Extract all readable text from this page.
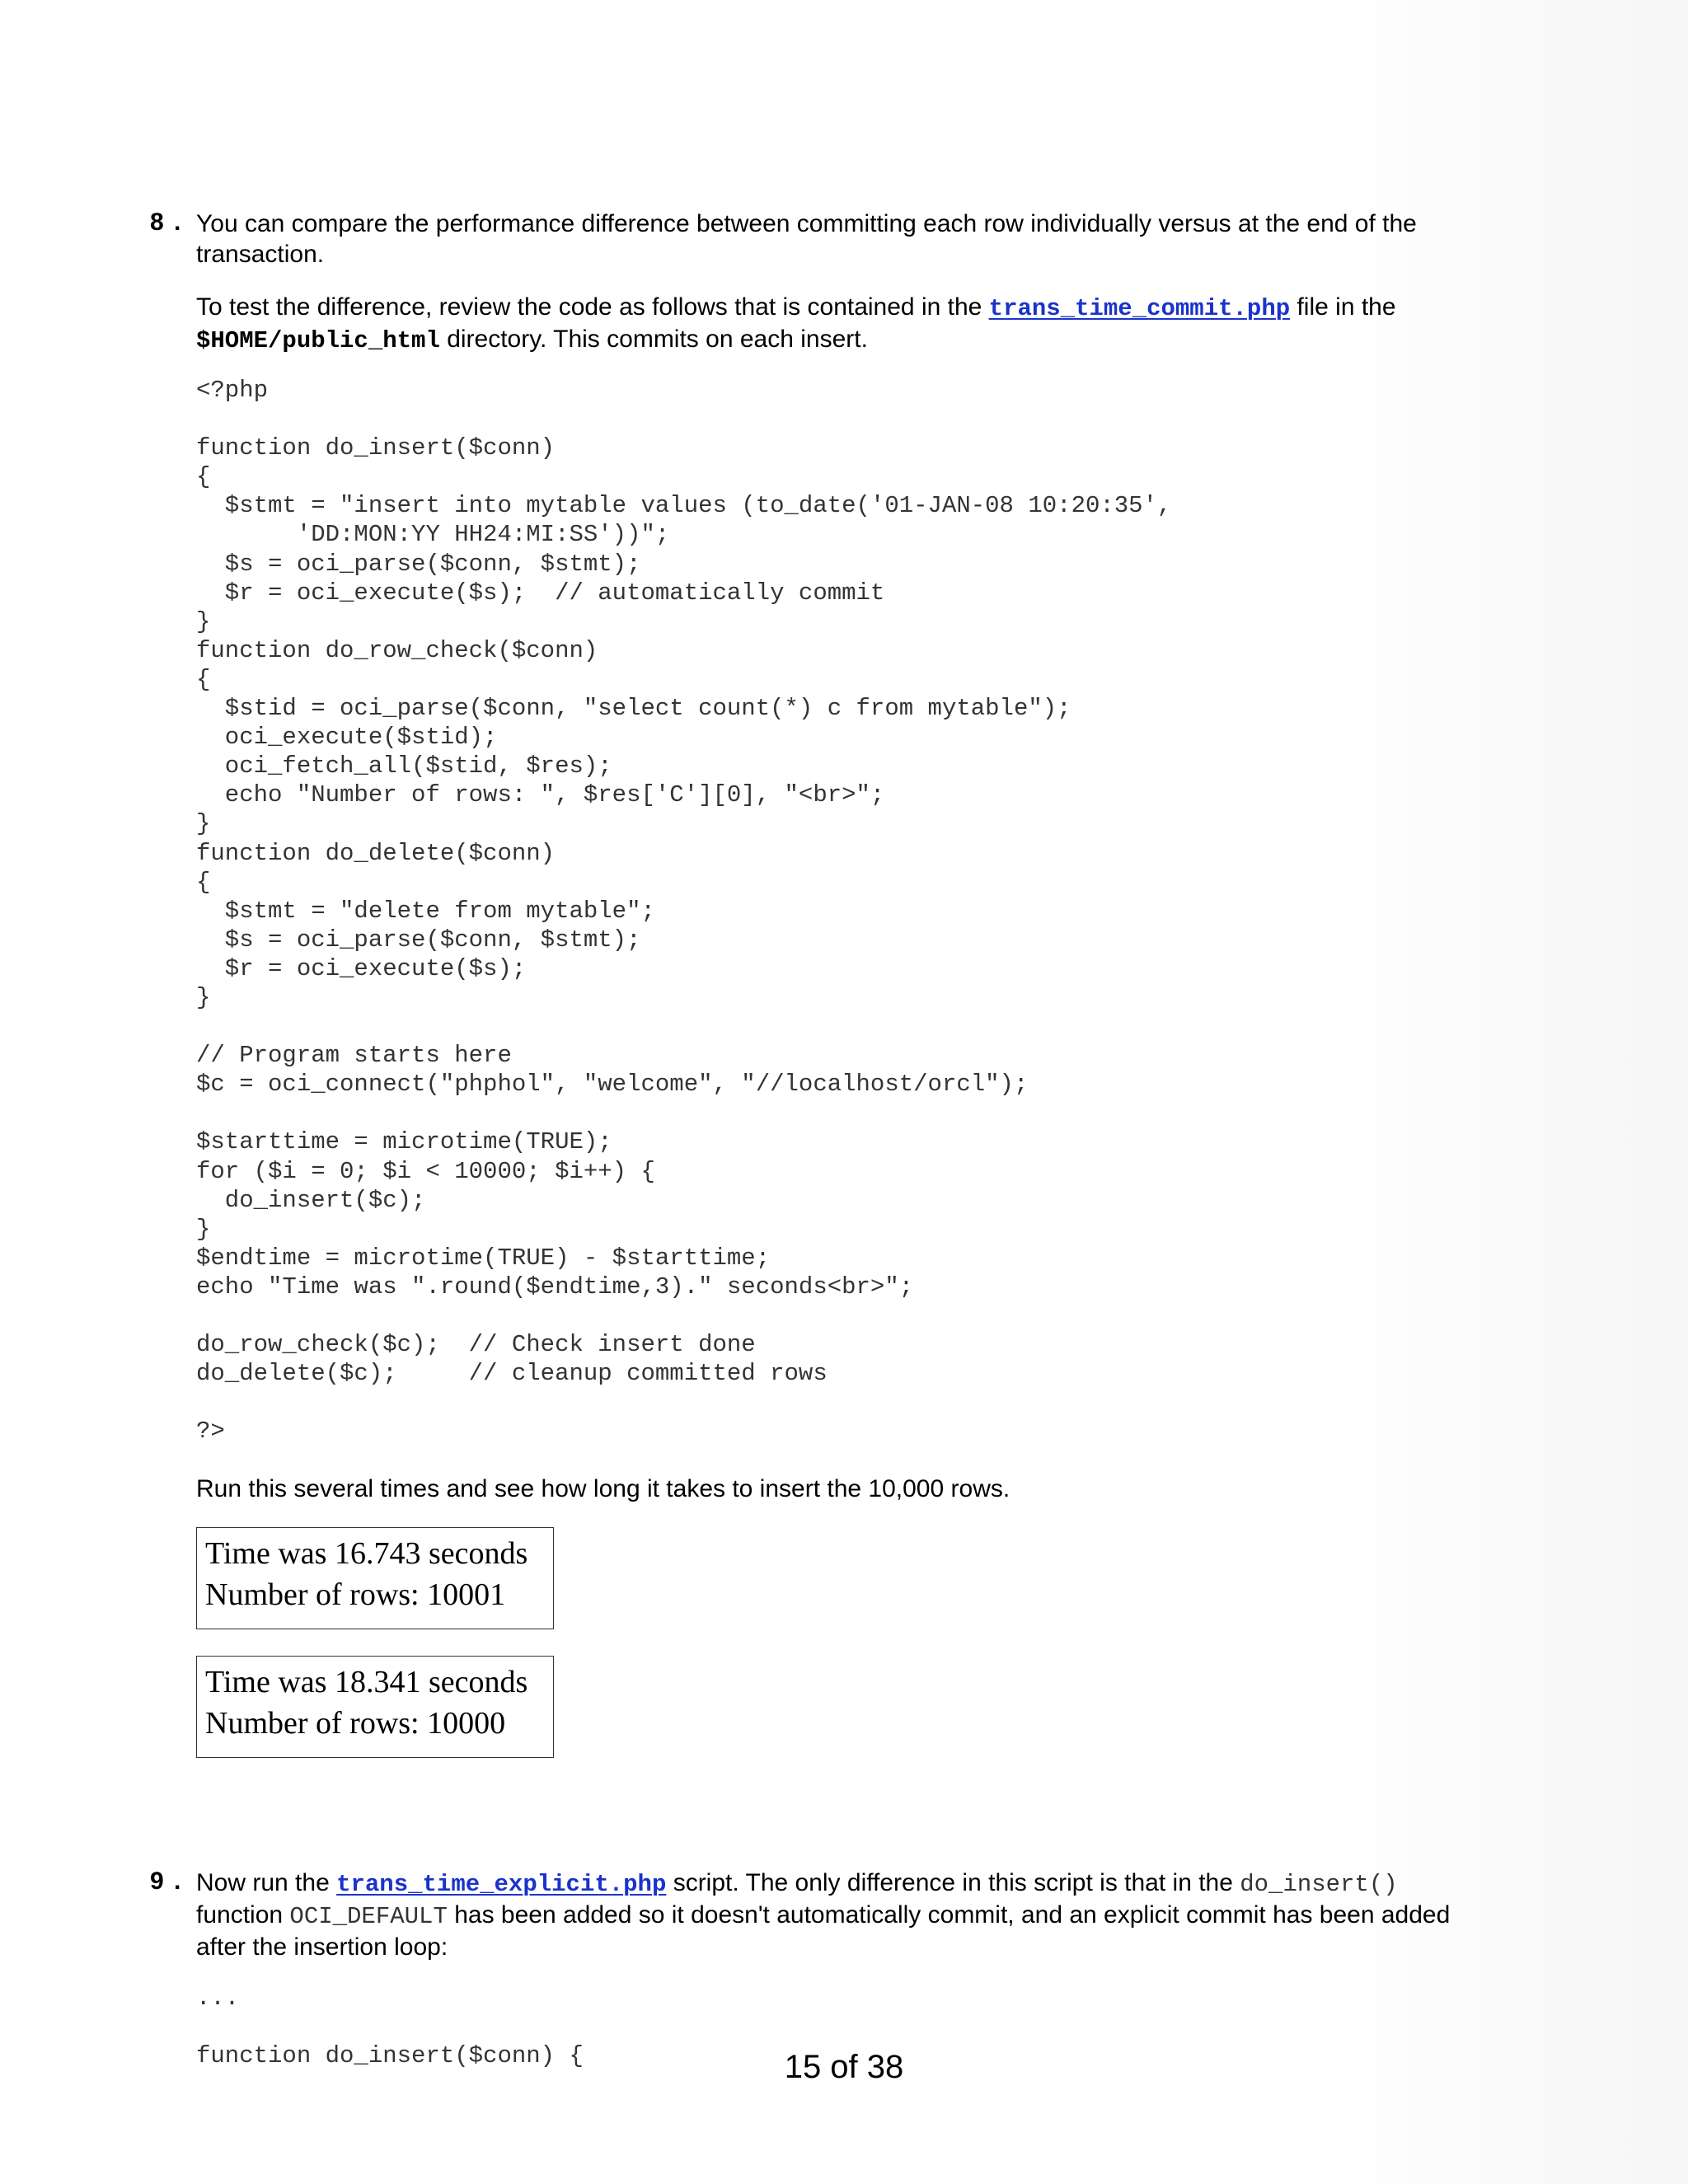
8 . You can compare the performance difference between committing each row individually versus at the end of the transaction.
To test the difference, review the code as follows that is contained in the trans_time_commit.php file in the $HOME/public_html directory. This commits on each insert.
<?php

function do_insert($conn)
{
$stmt = "insert into mytable values (to_date('01-JAN-08 10:20:35',
'DD:MON:YY HH24:MI:SS'))";
$s = oci_parse($conn, $stmt);
$r = oci_execute($s);  // automatically commit
}
function do_row_check($conn)
{
$stid = oci_parse($conn, "select count(*) c from mytable");
oci_execute($stid);
oci_fetch_all($stid, $res);
echo "Number of rows: ", $res['C'][0], "<br>";
}
function do_delete($conn)
{
$stmt = "delete from mytable";
$s = oci_parse($conn, $stmt);
$r = oci_execute($s);
}

// Program starts here
$c = oci_connect("phphol", "welcome", "//localhost/orcl");

$starttime = microtime(TRUE);
for ($i = 0; $i < 10000; $i++) {
do_insert($c);
}
$endtime = microtime(TRUE) - $starttime;
echo "Time was ".round($endtime,3)." seconds<br>";

do_row_check($c);  // Check insert done
do_delete($c);     // cleanup committed rows

?>
Run this several times and see how long it takes to insert the 10,000 rows.
Time was 16.743 seconds
Number of rows: 10001
Time was 18.341 seconds
Number of rows: 10000
9 . Now run the trans_time_explicit.php script. The only difference in this script is that in the do_insert() function OCI_DEFAULT has been added so it doesn't automatically commit, and an explicit commit has been added after the insertion loop:
...

function do_insert($conn) {	15 of 38
